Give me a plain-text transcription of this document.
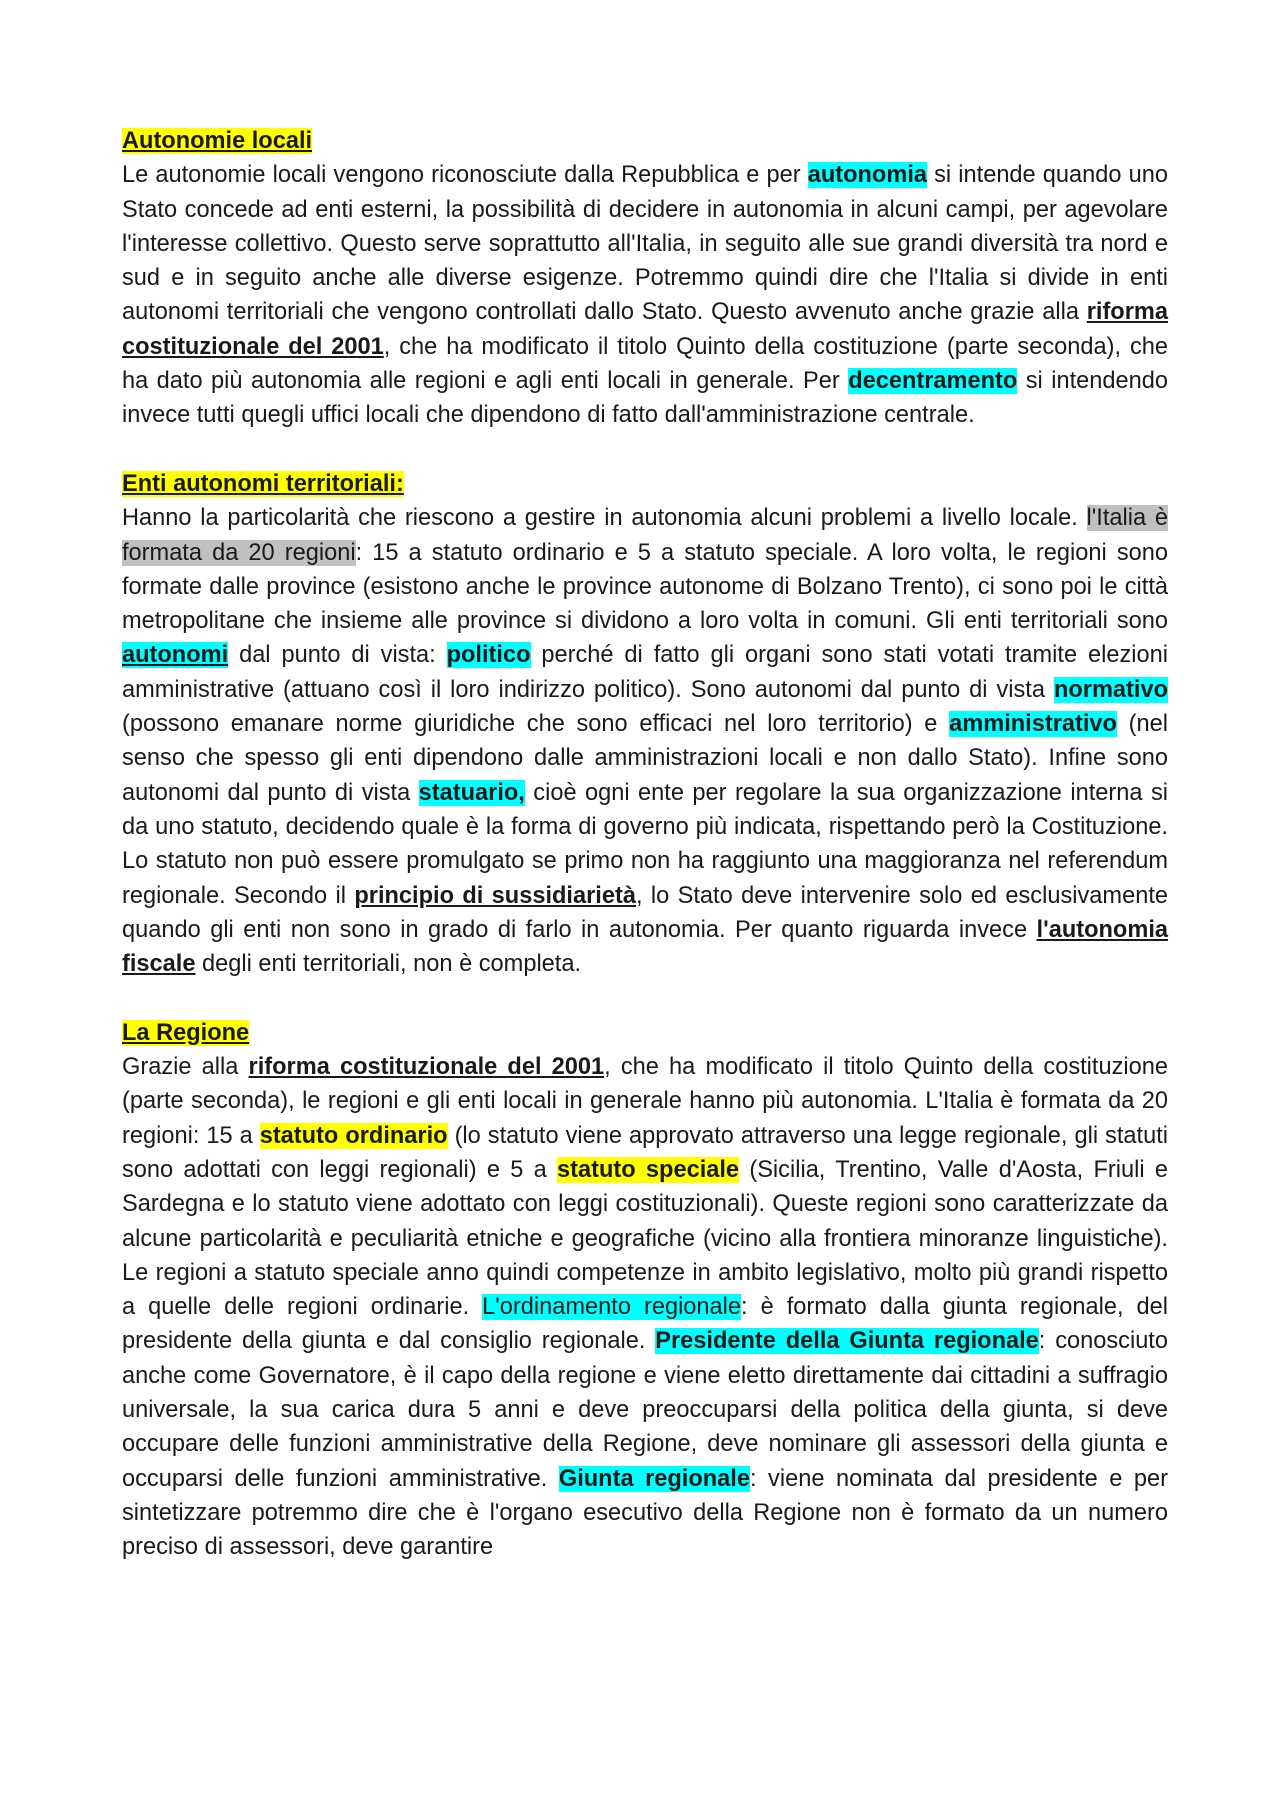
Autonomie locali

Le autonomie locali vengono riconosciute dalla Repubblica e per autonomia si intende quando uno Stato concede ad enti esterni, la possibilità di decidere in autonomia in alcuni campi, per agevolare l'interesse collettivo. Questo serve soprattutto all'Italia, in seguito alle sue grandi diversità tra nord e sud e in seguito anche alle diverse esigenze. Potremmo quindi dire che l'Italia si divide in enti autonomi territoriali che vengono controllati dallo Stato. Questo avvenuto anche grazie alla riforma costituzionale del 2001, che ha modificato il titolo Quinto della costituzione (parte seconda), che ha dato più autonomia alle regioni e agli enti locali in generale. Per decentramento si intendendo invece tutti quegli uffici locali che dipendono di fatto dall'amministrazione centrale.

Enti autonomi territoriali:

Hanno la particolarità che riescono a gestire in autonomia alcuni problemi a livello locale. l'Italia è formata da 20 regioni: 15 a statuto ordinario e 5 a statuto speciale. A loro volta, le regioni sono formate dalle province (esistono anche le province autonome di Bolzano Trento), ci sono poi le città metropolitane che insieme alle province si dividono a loro volta in comuni. Gli enti territoriali sono autonomi dal punto di vista: politico perché di fatto gli organi sono stati votati tramite elezioni amministrative (attuano così il loro indirizzo politico). Sono autonomi dal punto di vista normativo (possono emanare norme giuridiche che sono efficaci nel loro territorio) e amministrativo (nel senso che spesso gli enti dipendono dalle amministrazioni locali e non dallo Stato). Infine sono autonomi dal punto di vista statuario, cioè ogni ente per regolare la sua organizzazione interna si da uno statuto, decidendo quale è la forma di governo più indicata, rispettando però la Costituzione. Lo statuto non può essere promulgato se primo non ha raggiunto una maggioranza nel referendum regionale. Secondo il principio di sussidiarietà, lo Stato deve intervenire solo ed esclusivamente quando gli enti non sono in grado di farlo in autonomia. Per quanto riguarda invece l'autonomia fiscale degli enti territoriali, non è completa.

La Regione

Grazie alla riforma costituzionale del 2001, che ha modificato il titolo Quinto della costituzione (parte seconda), le regioni e gli enti locali in generale hanno più autonomia. L'Italia è formata da 20 regioni: 15 a statuto ordinario (lo statuto viene approvato attraverso una legge regionale, gli statuti sono adottati con leggi regionali) e 5 a statuto speciale (Sicilia, Trentino, Valle d'Aosta, Friuli e Sardegna e lo statuto viene adottato con leggi costituzionali). Queste regioni sono caratterizzate da alcune particolarità e peculiarità etniche e geografiche (vicino alla frontiera minoranze linguistiche). Le regioni a statuto speciale anno quindi competenze in ambito legislativo, molto più grandi rispetto a quelle delle regioni ordinarie. L'ordinamento regionale: è formato dalla giunta regionale, del presidente della giunta e dal consiglio regionale. Presidente della Giunta regionale: conosciuto anche come Governatore, è il capo della regione e viene eletto direttamente dai cittadini a suffragio universale, la sua carica dura 5 anni e deve preoccuparsi della politica della giunta, si deve occupare delle funzioni amministrative della Regione, deve nominare gli assessori della giunta e occuparsi delle funzioni amministrative. Giunta regionale: viene nominata dal presidente e per sintetizzare potremmo dire che è l'organo esecutivo della Regione non è formato da un numero preciso di assessori, deve garantire
